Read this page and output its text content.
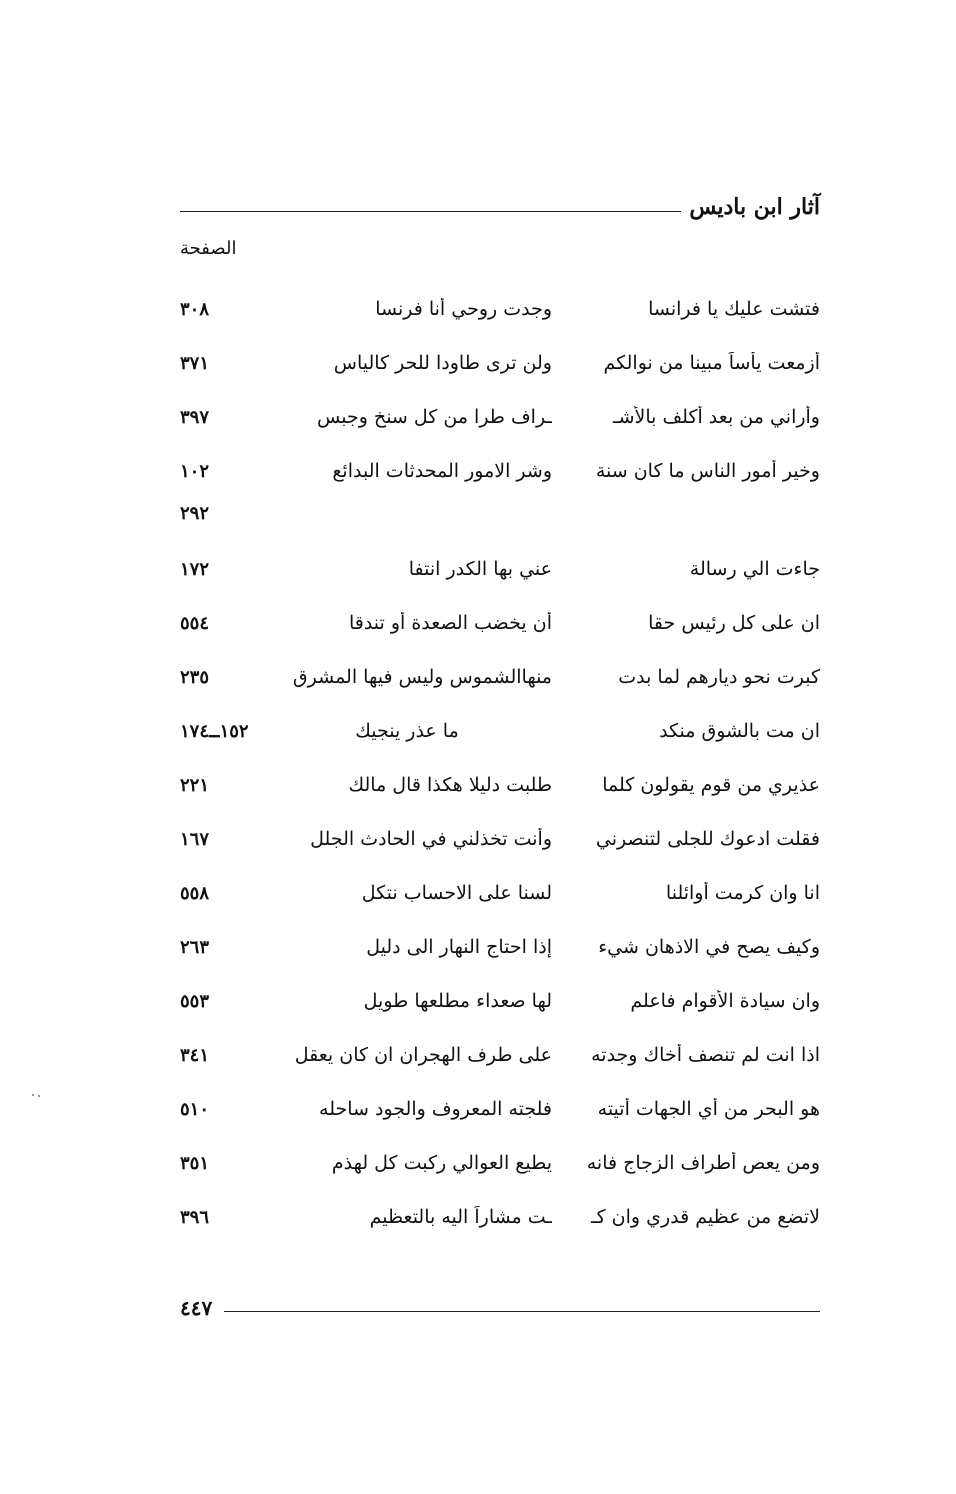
آثار ابن باديس
الصفحة
فتشت عليك يا فرانسا
وجدت روحي أنا فرنسا
٣٠٨
أزمعت يأساً مبينا من نوالكم
ولن ترى طاودا للحر كالياس
٣٧١
وأراني من بعد أكلف بالأشـ
ـراف طرا من كل سنخ وجبس
٣٩٧
وخير أمور الناس ما كان سنة
وشر الامور المحدثات البدائع
١٠٢
٢٩٢
جاءت الي رسالة
عني بها الكدر انتفا
١٧٢
ان على كل رئيس حقا
أن يخضب الصعدة أو تندقا
٥٥٤
كبرت نحو ديارهم لما بدت
منهاالشموس وليس فيها المشرق
٢٣٥
ان مت بالشوق منكد
ما عذر ينجيك
١٥٢ــ١٧٤
عذيري من قوم يقولون كلما
طلبت دليلا هكذا قال مالك
٢٢١
فقلت ادعوك للجلى لتنصرني
وأنت تخذلني في الحادث الجلل
١٦٧
انا وان كرمت أوائلنا
لسنا على الاحساب نتكل
٥٥٨
وكيف يصح في الاذهان شيء
إذا احتاج النهار الى دليل
٢٦٣
وان سيادة الأقوام فاعلم
لها صعداء مطلعها طويل
٥٥٣
اذا انت لم تنصف أخاك وجدته
على طرف الهجران ان كان يعقل
٣٤١
هو البحر من أي الجهات أتيته
فلجته المعروف والجود ساحله
٥١٠
ومن يعص أطراف الزجاج فانه
يطيع العوالي ركبت كل لهذم
٣٥١
لاتضع من عظيم قدري وان كـ
ـت مشاراً اليه بالتعظيم
٣٩٦
٤٤٧
